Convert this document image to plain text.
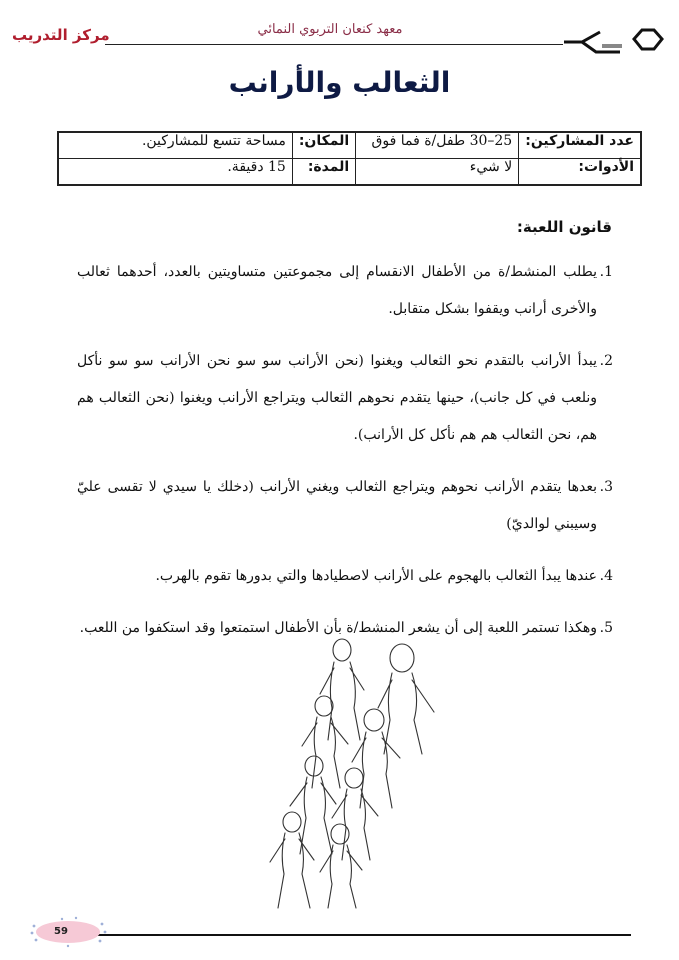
مركز التدريب	معهد كنعان التربوي النمائي
الثعالب والأرانب
عدد المشاركين:	25–30 طفل/ة فما فوق	المكان:	مساحة تتسع للمشاركين.
الأدوات:	لا شيء	المدة:	15 دقيقة.
قانون اللعبة:
1.
يطلب المنشط/ة من الأطفال الانقسام إلى مجموعتين متساويتين بالعدد، أحدهما ثعالب والأخرى أرانب ويقفوا بشكل متقابل.
2.
يبدأ الأرانب بالتقدم نحو الثعالب ويغنوا (نحن الأرانب سو سو نحن الأرانب سو سو نأكل ونلعب في كل جانب)، حينها يتقدم نحوهم الثعالب ويتراجع الأرانب ويغنوا (نحن الثعالب هم هم، نحن الثعالب هم هم نأكل كل الأرانب).
3.
بعدها يتقدم الأرانب نحوهم ويتراجع الثعالب ويغني الأرانب (دخلك يا سيدي لا تقسى عليّ وسيبني لوالديّ)
4.
عندها يبدأ الثعالب بالهجوم على الأرانب لاصطيادها والتي بدورها تقوم بالهرب.
5.
وهكذا تستمر اللعبة إلى أن يشعر المنشط/ة بأن الأطفال استمتعوا وقد استكفوا من اللعب.
59
